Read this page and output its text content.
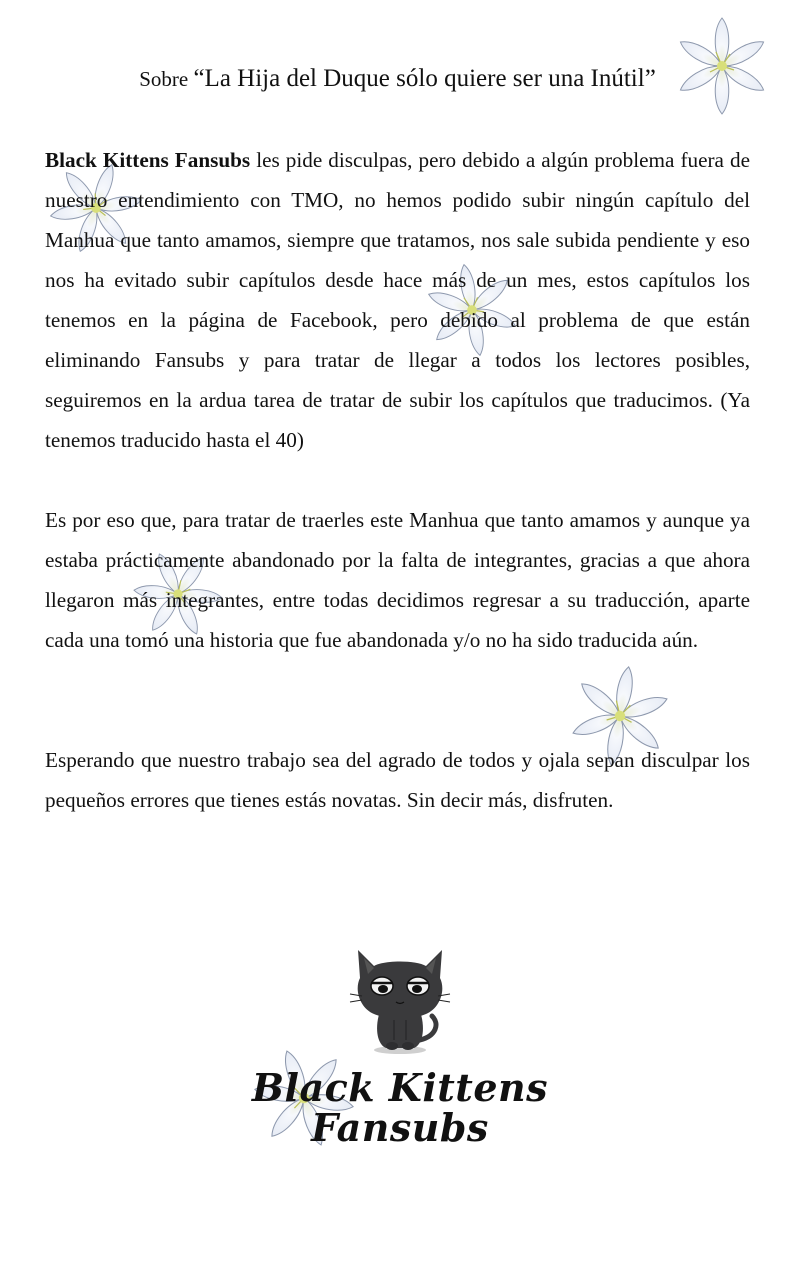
Sobre “La Hija del Duque sólo quiere ser una Inútil”

Black Kittens Fansubs les pide disculpas, pero debido a algún problema fuera de nuestro entendimiento con TMO, no hemos podido subir ningún capítulo del Manhua que tanto amamos, siempre que tratamos, nos sale subida pendiente y eso nos ha evitado subir capítulos desde hace más de un mes, estos capítulos los tenemos en la página de Facebook, pero debido al problema de que están eliminando Fansubs y para tratar de llegar a todos los lectores posibles, seguiremos en la ardua tarea de tratar de subir los capítulos que traducimos. (Ya tenemos traducido hasta el 40)

Es por eso que, para tratar de traerles este Manhua que tanto amamos y aunque ya estaba prácticamente abandonado por la falta de integrantes, gracias a que ahora llegaron más integrantes, entre todas decidimos regresar a su traducción, aparte cada una tomó una historia que fue abandonada y/o no ha sido traducida aún.

Esperando que nuestro trabajo sea del agrado de todos y ojala sepan disculpar los pequeños errores que tienes estás novatas. Sin decir más, disfruten.

Black Kittens
Fansubs
